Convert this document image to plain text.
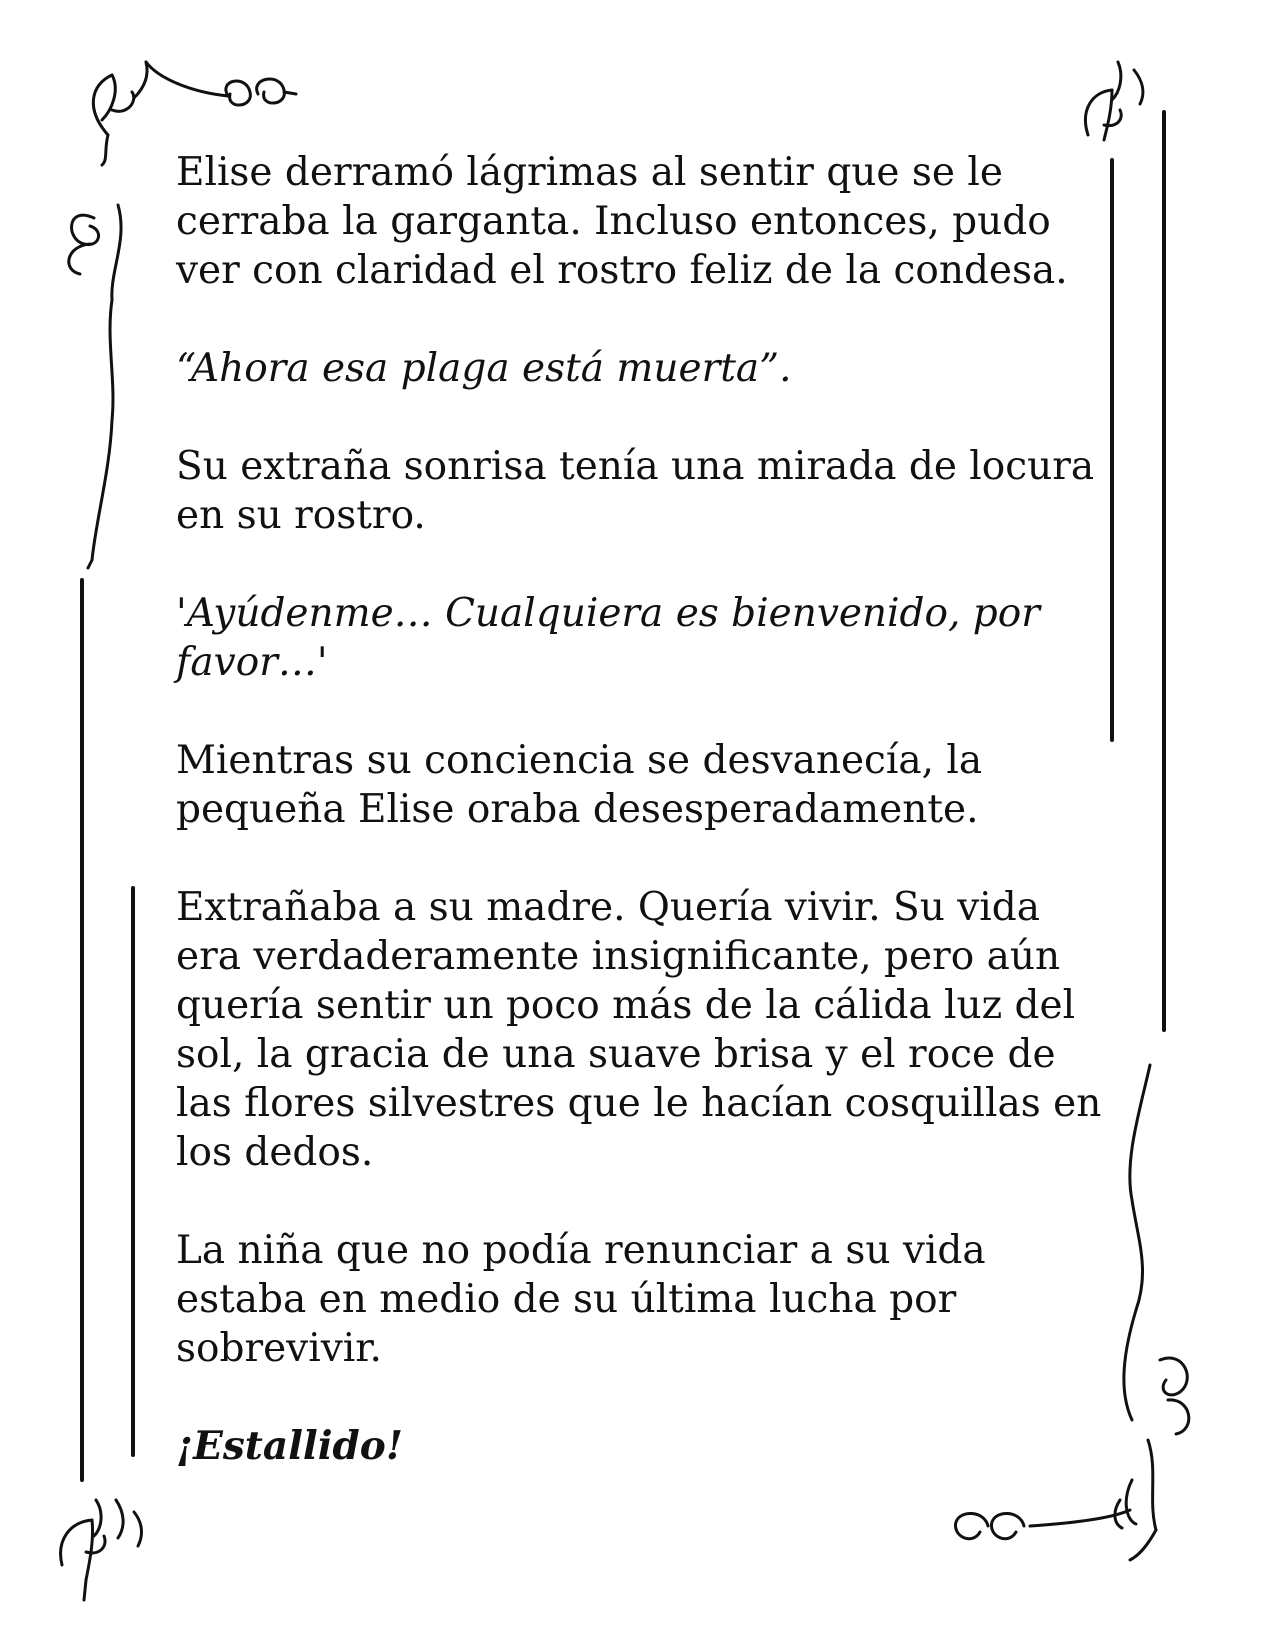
Elise derramó lágrimas al sentir que se le cerraba la garganta. Incluso entonces, pudo ver con claridad el rostro feliz de la condesa.

“Ahora esa plaga está muerta”.

Su extraña sonrisa tenía una mirada de locura en su rostro.

'Ayúdenme… Cualquiera es bienvenido, por favor…'

Mientras su conciencia se desvanecía, la pequeña Elise oraba desesperadamente.

Extrañaba a su madre. Quería vivir. Su vida era verdaderamente insignificante, pero aún quería sentir un poco más de la cálida luz del sol, la gracia de una suave brisa y el roce de las flores silvestres que le hacían cosquillas en los dedos.

La niña que no podía renunciar a su vida estaba en medio de su última lucha por sobrevivir.

¡Estallido!
